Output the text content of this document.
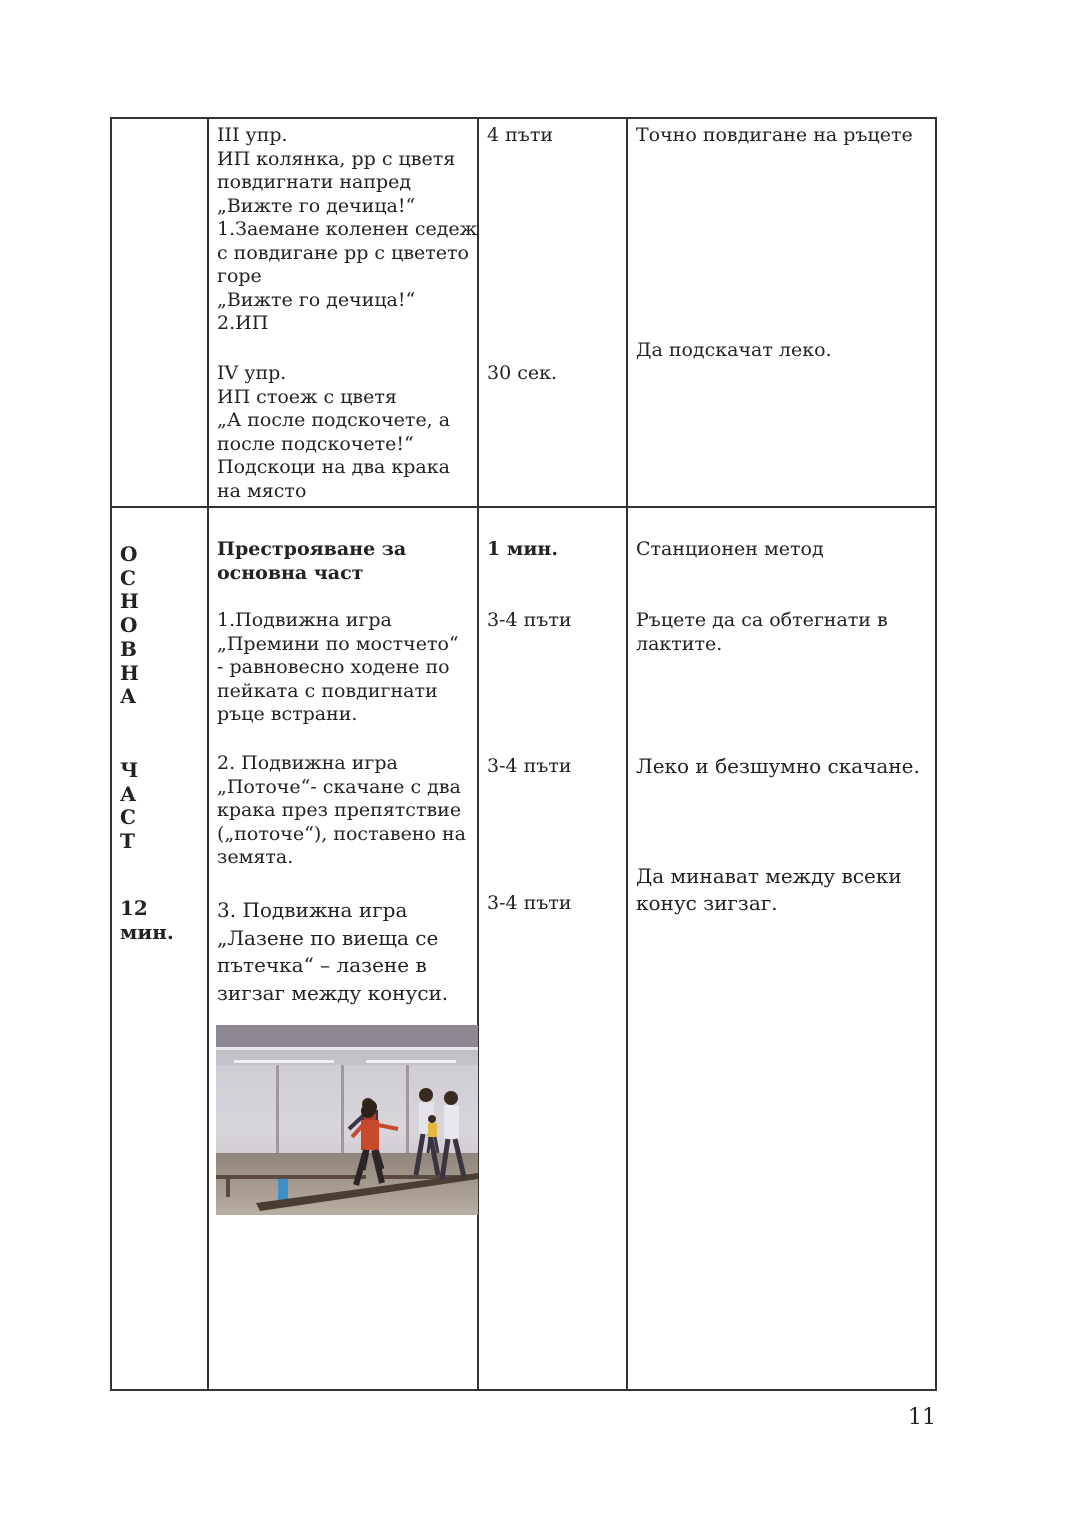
III упр.
ИП колянка, рр с цветя
повдигнати напред
„Вижте го дечица!“
1.Заемане коленен седеж
с повдигане рр с цветето
горе
„Вижте го дечица!“
2.ИП
IV упр.
ИП стоеж с цветя
„А после подскочете, а
после подскочете!“
Подскоци на два крака
на място
4 пъти
30 сек.
Точно повдигане на ръцете
Да подскачат леко.
О
С
Н
О
В
Н
А
Ч
А
С
Т
12
мин.
Престрояване за
основна част
1.Подвижна игра
„Премини по мостчето“
- равновесно ходене по
пейката с повдигнати
ръце встрани.
2. Подвижна игра
„Поточе“- скачане с два
крака през препятствие
(„поточе“), поставено на
земята.
3. Подвижна игра
„Лазене по виеща се
пътечка“ – лазене в
зигзаг между конуси.
1 мин.
3-4 пъти
3-4 пъти
3-4 пъти
Станционен метод
Ръцете да са обтегнати в
лактите.
Леко и безшумно скачане.
Да минават между всеки
конус зигзаг.
11
